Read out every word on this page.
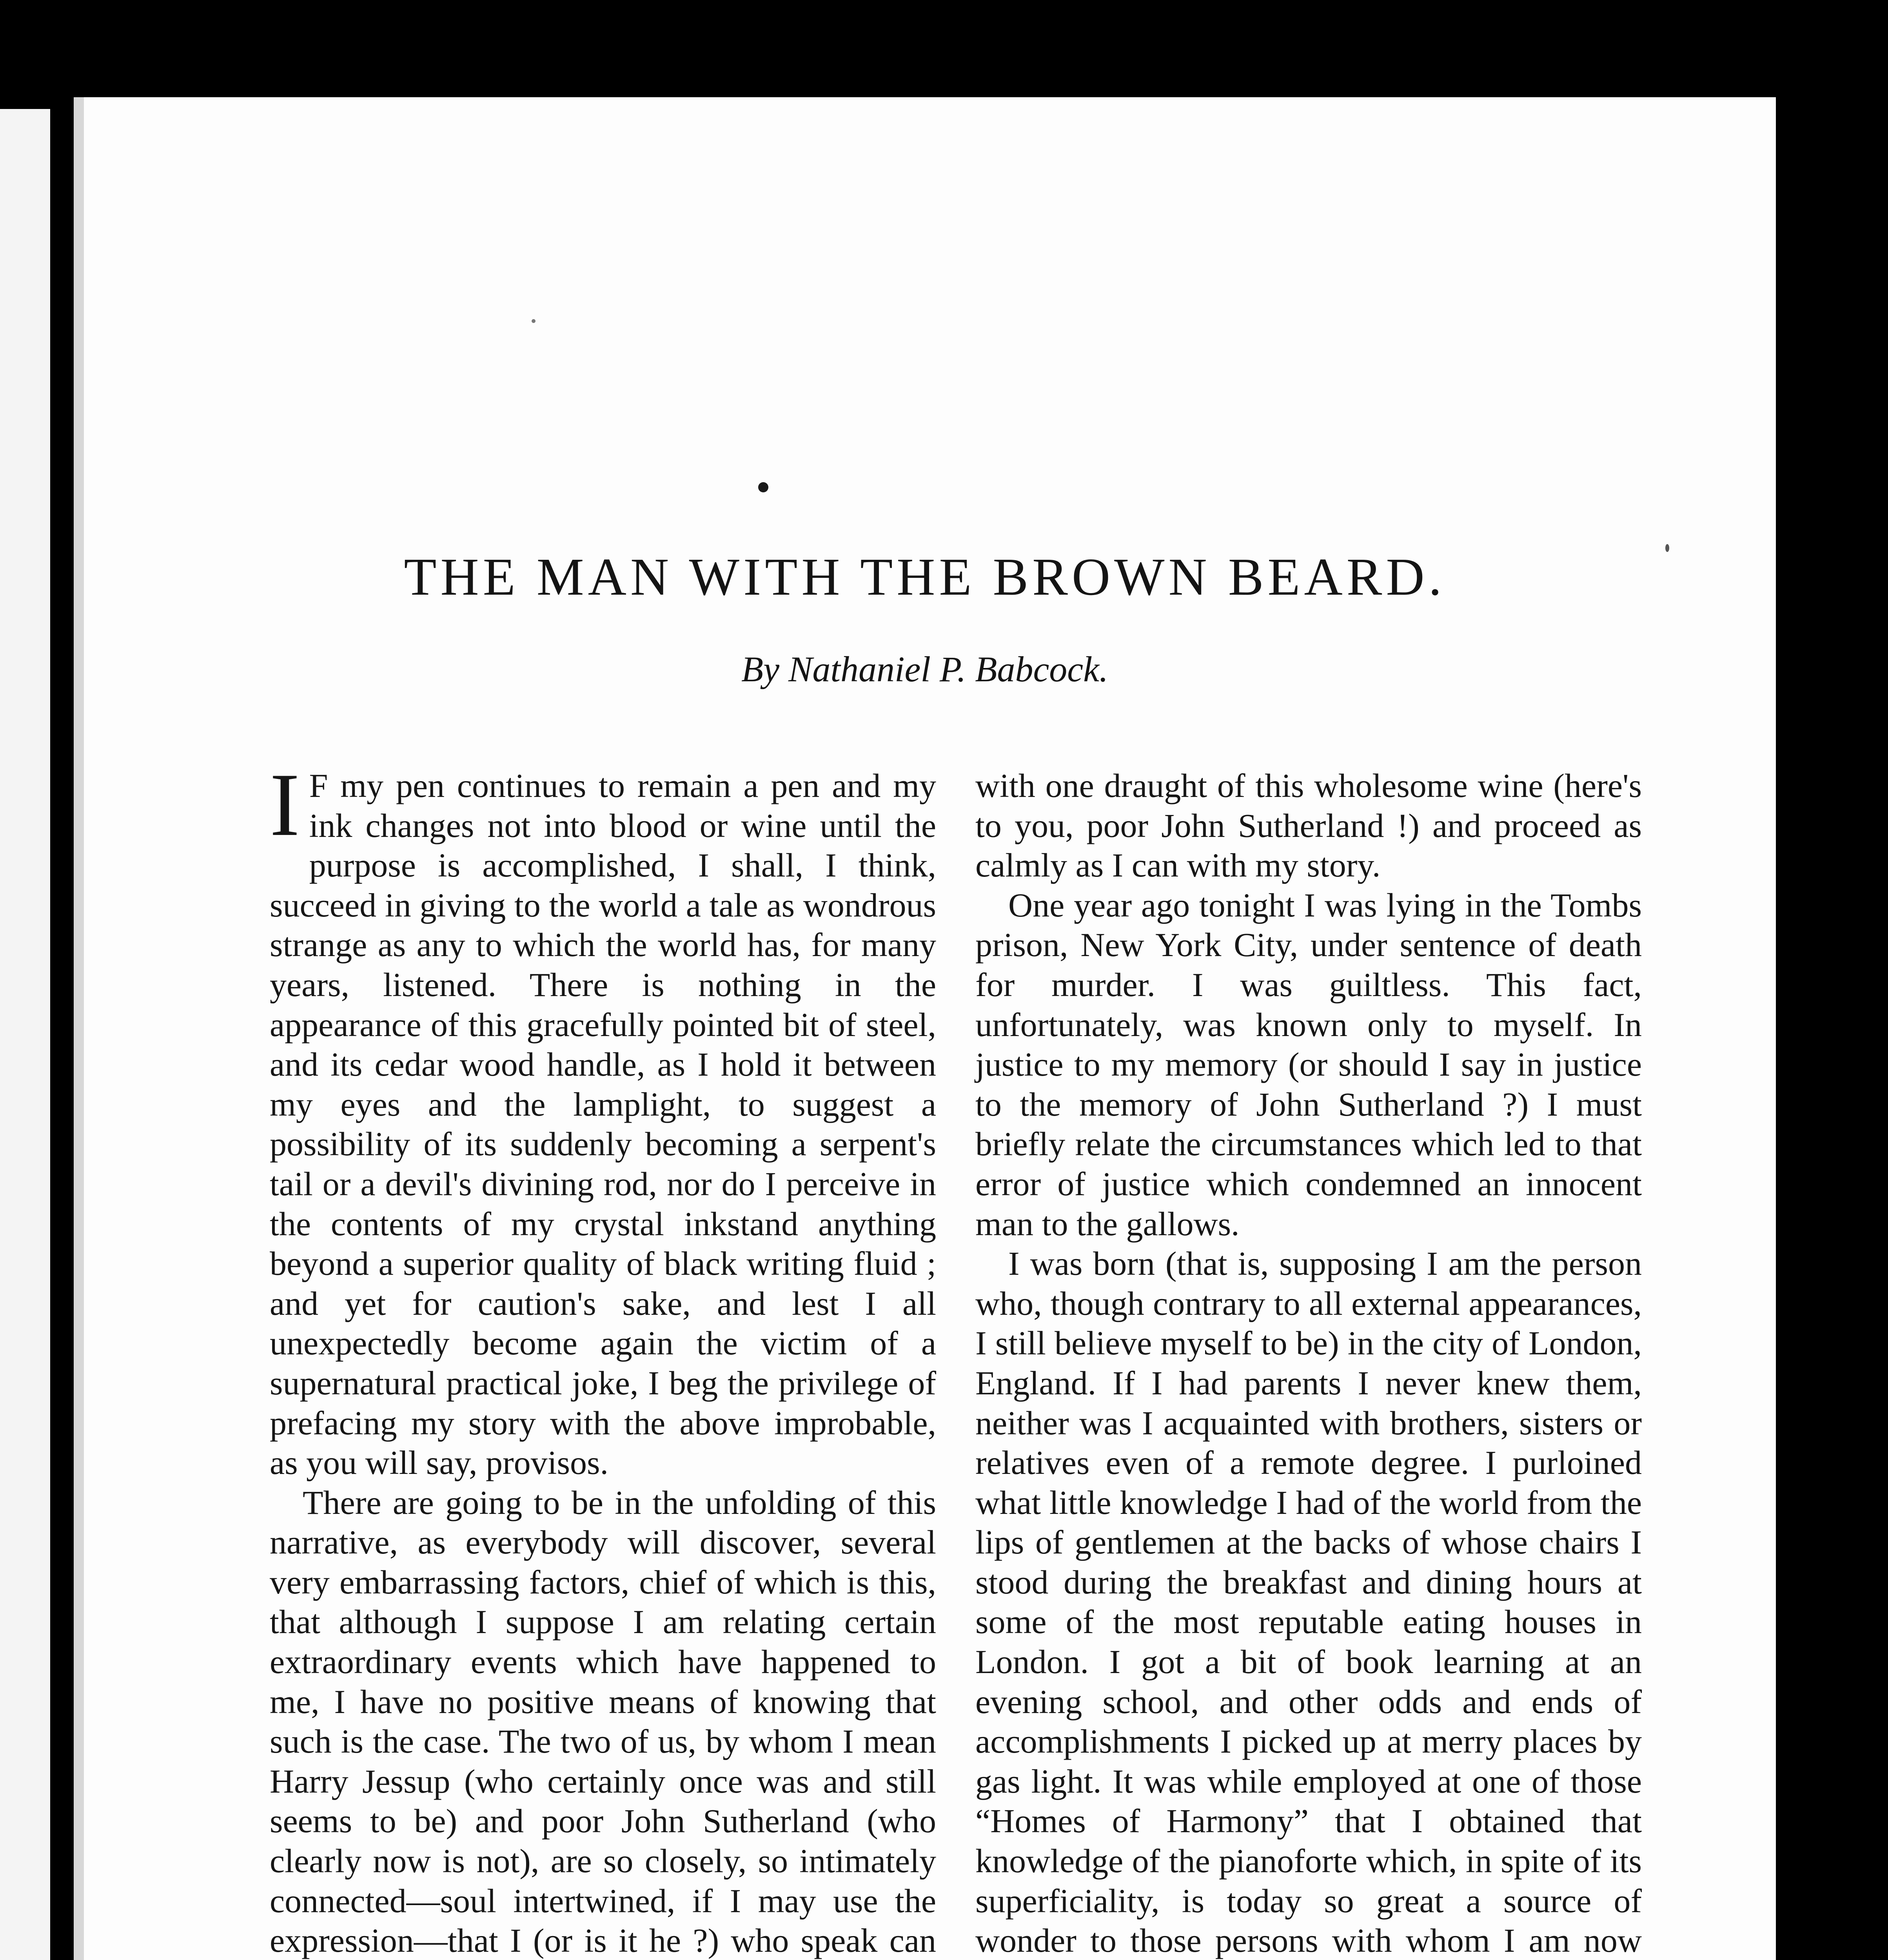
THE MAN WITH THE BROWN BEARD.
By Nathaniel P. Babcock.

I F my pen continues to remain a pen and my ink changes not into blood or wine until the purpose is accomplished, I shall, I think, succeed in giving to the world a tale as wondrous strange as any to which the world has, for many years, listened. There is nothing in the appearance of this gracefully pointed bit of steel, and its cedar wood handle, as I hold it between my eyes and the lamplight, to suggest a possibility of its suddenly becoming a serpent's tail or a devil's divining rod, nor do I perceive in the contents of my crystal inkstand anything beyond a superior quality of black writing fluid ; and yet for caution's sake, and lest I all unexpectedly become again the victim of a supernatural practical joke, I beg the privilege of prefacing my story with the above improbable, as you will say, provisos.

There are going to be in the unfolding of this narrative, as everybody will discover, several very embarrassing factors, chief of which is this, that although I suppose I am relating certain extraordinary events which have happened to me, I have no positive means of knowing that such is the case. The two of us, by whom I mean Harry Jessup (who certainly once was and still seems to be) and poor John Sutherland (who clearly now is not), are so closely, so intimately connected—soul intertwined, if I may use the expression—that I (or is it he ?) who speak can

with one draught of this wholesome wine (here's to you, poor John Sutherland !) and proceed as calmly as I can with my story.

One year ago tonight I was lying in the Tombs prison, New York City, under sentence of death for murder. I was guiltless. This fact, unfortunately, was known only to myself. In justice to my memory (or should I say in justice to the memory of John Sutherland ?) I must briefly relate the circumstances which led to that error of justice which condemned an innocent man to the gallows.

I was born (that is, supposing I am the person who, though contrary to all external appearances, I still believe myself to be) in the city of London, England. If I had parents I never knew them, neither was I acquainted with brothers, sisters or relatives even of a remote degree. I purloined what little knowledge I had of the world from the lips of gentlemen at the backs of whose chairs I stood during the breakfast and dining hours at some of the most reputable eating houses in London. I got a bit of book learning at an evening school, and other odds and ends of accomplishments I picked up at merry places by gas light. It was while employed at one of those “Homes of Harmony” that I obtained that knowledge of the pianoforte which, in spite of its superficiality, is today so great a source of wonder to those persons with whom I am now
